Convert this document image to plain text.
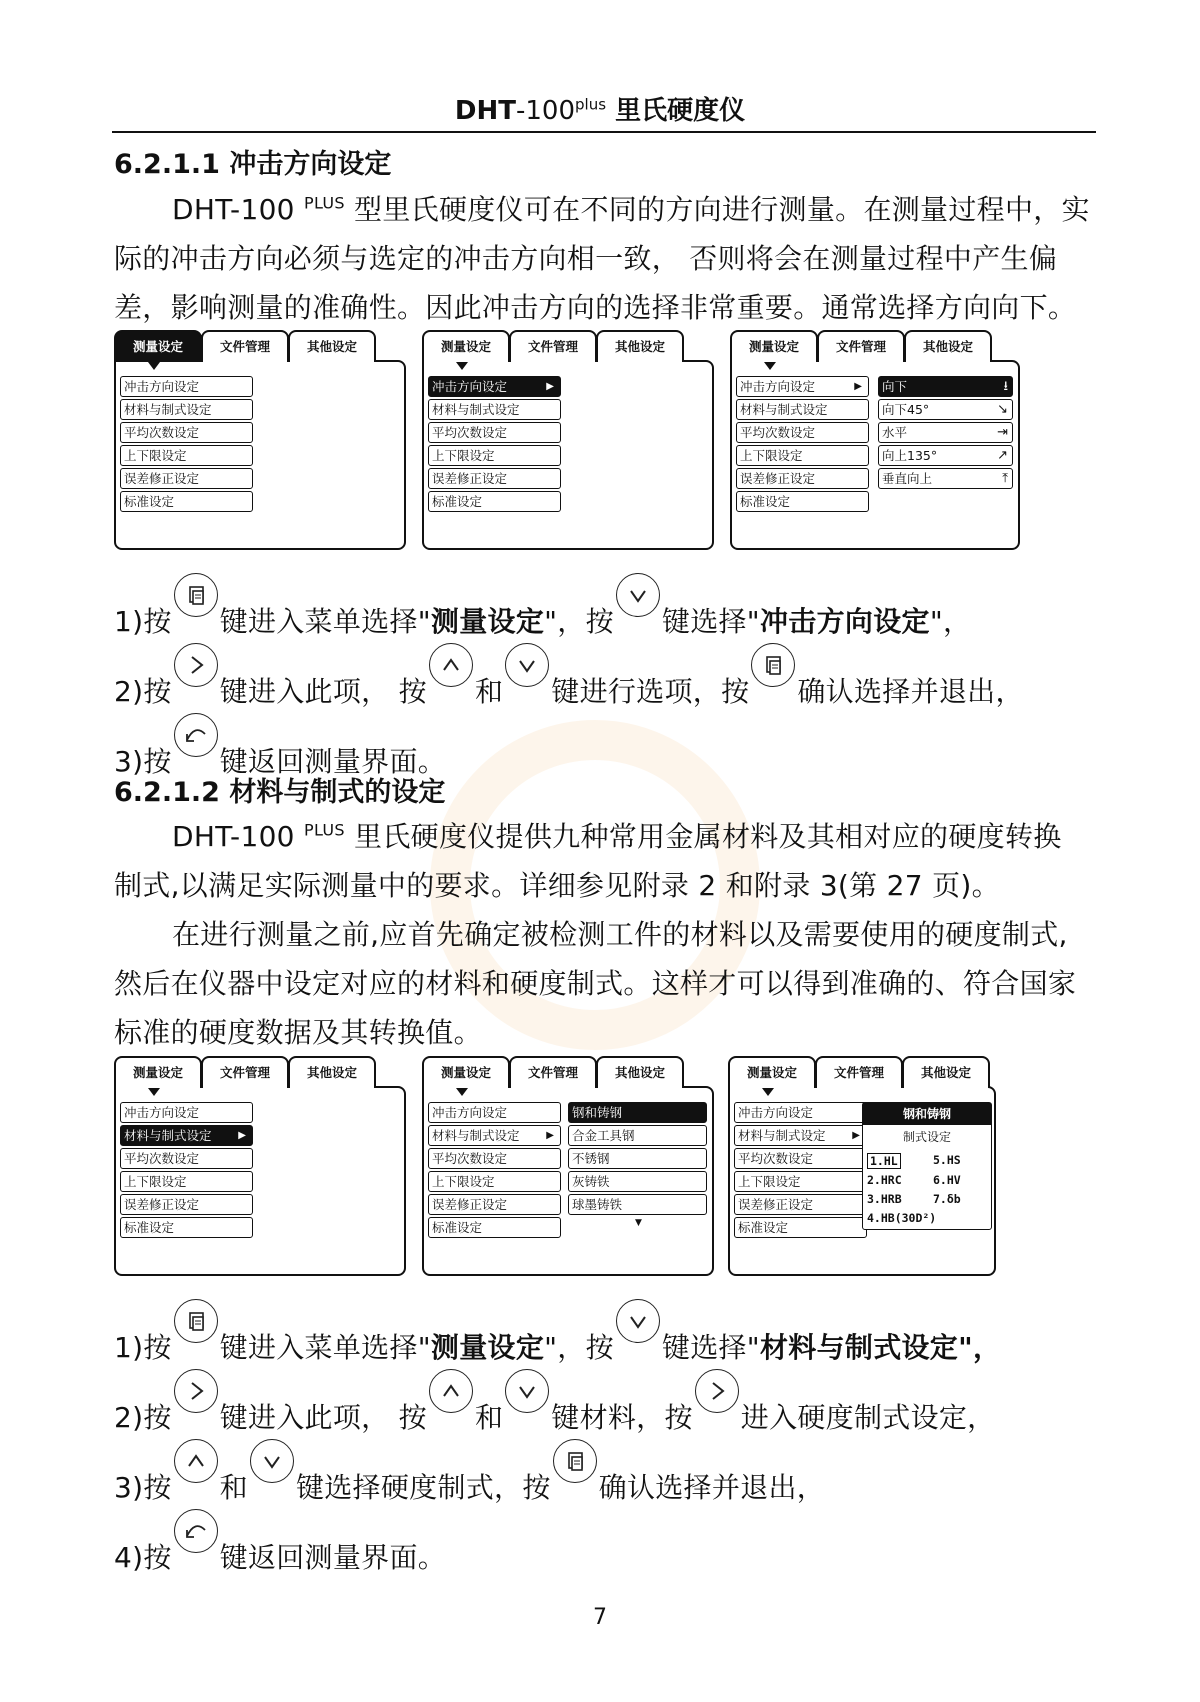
DHT-$100^{plus}$ 里氏硬度仪
6.2.1.1 冲击方向设定
DHT-100 $^{PLUS}$ 型里氏硬度仪可在不同的方向进行测量。在测量过程中，实
际的冲击方向必须与选定的冲击方向相一致， 否则将会在测量过程中产生偏
差，影响测量的准确性。因此冲击方向的选择非常重要。通常选择方向向下。
测量设定	文件管理	其他设定
冲击方向设定
材料与制式设定
平均次数设定
上下限设定
误差修正设定
标准设定
测量设定	文件管理	其他设定
冲击方向设定	▶
材料与制式设定
平均次数设定
上下限设定
误差修正设定
标准设定
测量设定	文件管理	其他设定
冲击方向设定	▶
材料与制式设定
平均次数设定
上下限设定
误差修正设定
标准设定
向下	⭳
向下45°	↘
水平	⇥
向上135°	↗
垂直向上	⤒
1)按 键进入菜单选择"测量设定"，按 键选择"冲击方向设定"，
2)按 键进入此项， 按 和 键进行选项，按 确认选择并退出，
3)按 键返回测量界面。
6.2.1.2 材料与制式的设定
DHT-100 $^{PLUS}$ 里氏硬度仪提供九种常用金属材料及其相对应的硬度转换
制式,以满足实际测量中的要求。详细参见附录 2 和附录 3(第 27 页)。
在进行测量之前,应首先确定被检测工件的材料以及需要使用的硬度制式,
然后在仪器中设定对应的材料和硬度制式。这样才可以得到准确的、符合国家
标准的硬度数据及其转换值。
测量设定	文件管理	其他设定
冲击方向设定
材料与制式设定	▶
平均次数设定
上下限设定
误差修正设定
标准设定
测量设定	文件管理	其他设定
冲击方向设定
材料与制式设定	▶
平均次数设定
上下限设定
误差修正设定
标准设定
钢和铸钢
合金工具钢
不锈钢
灰铸铁
球墨铸铁
▼
测量设定	文件管理	其他设定
冲击方向设定
材料与制式设定	▶
平均次数设定
上下限设定
误差修正设定
标准设定
钢和铸钢
制式设定
1.HL
2.HRC
3.HRB
4.HB(30D²)
5.HS
6.HV
7.δb
1)按 键进入菜单选择"测量设定"，按 键选择"材料与制式设定"，
2)按 键进入此项， 按 和 键材料，按 进入硬度制式设定，
3)按 和 键选择硬度制式，按 确认选择并退出，
4)按 键返回测量界面。
7
